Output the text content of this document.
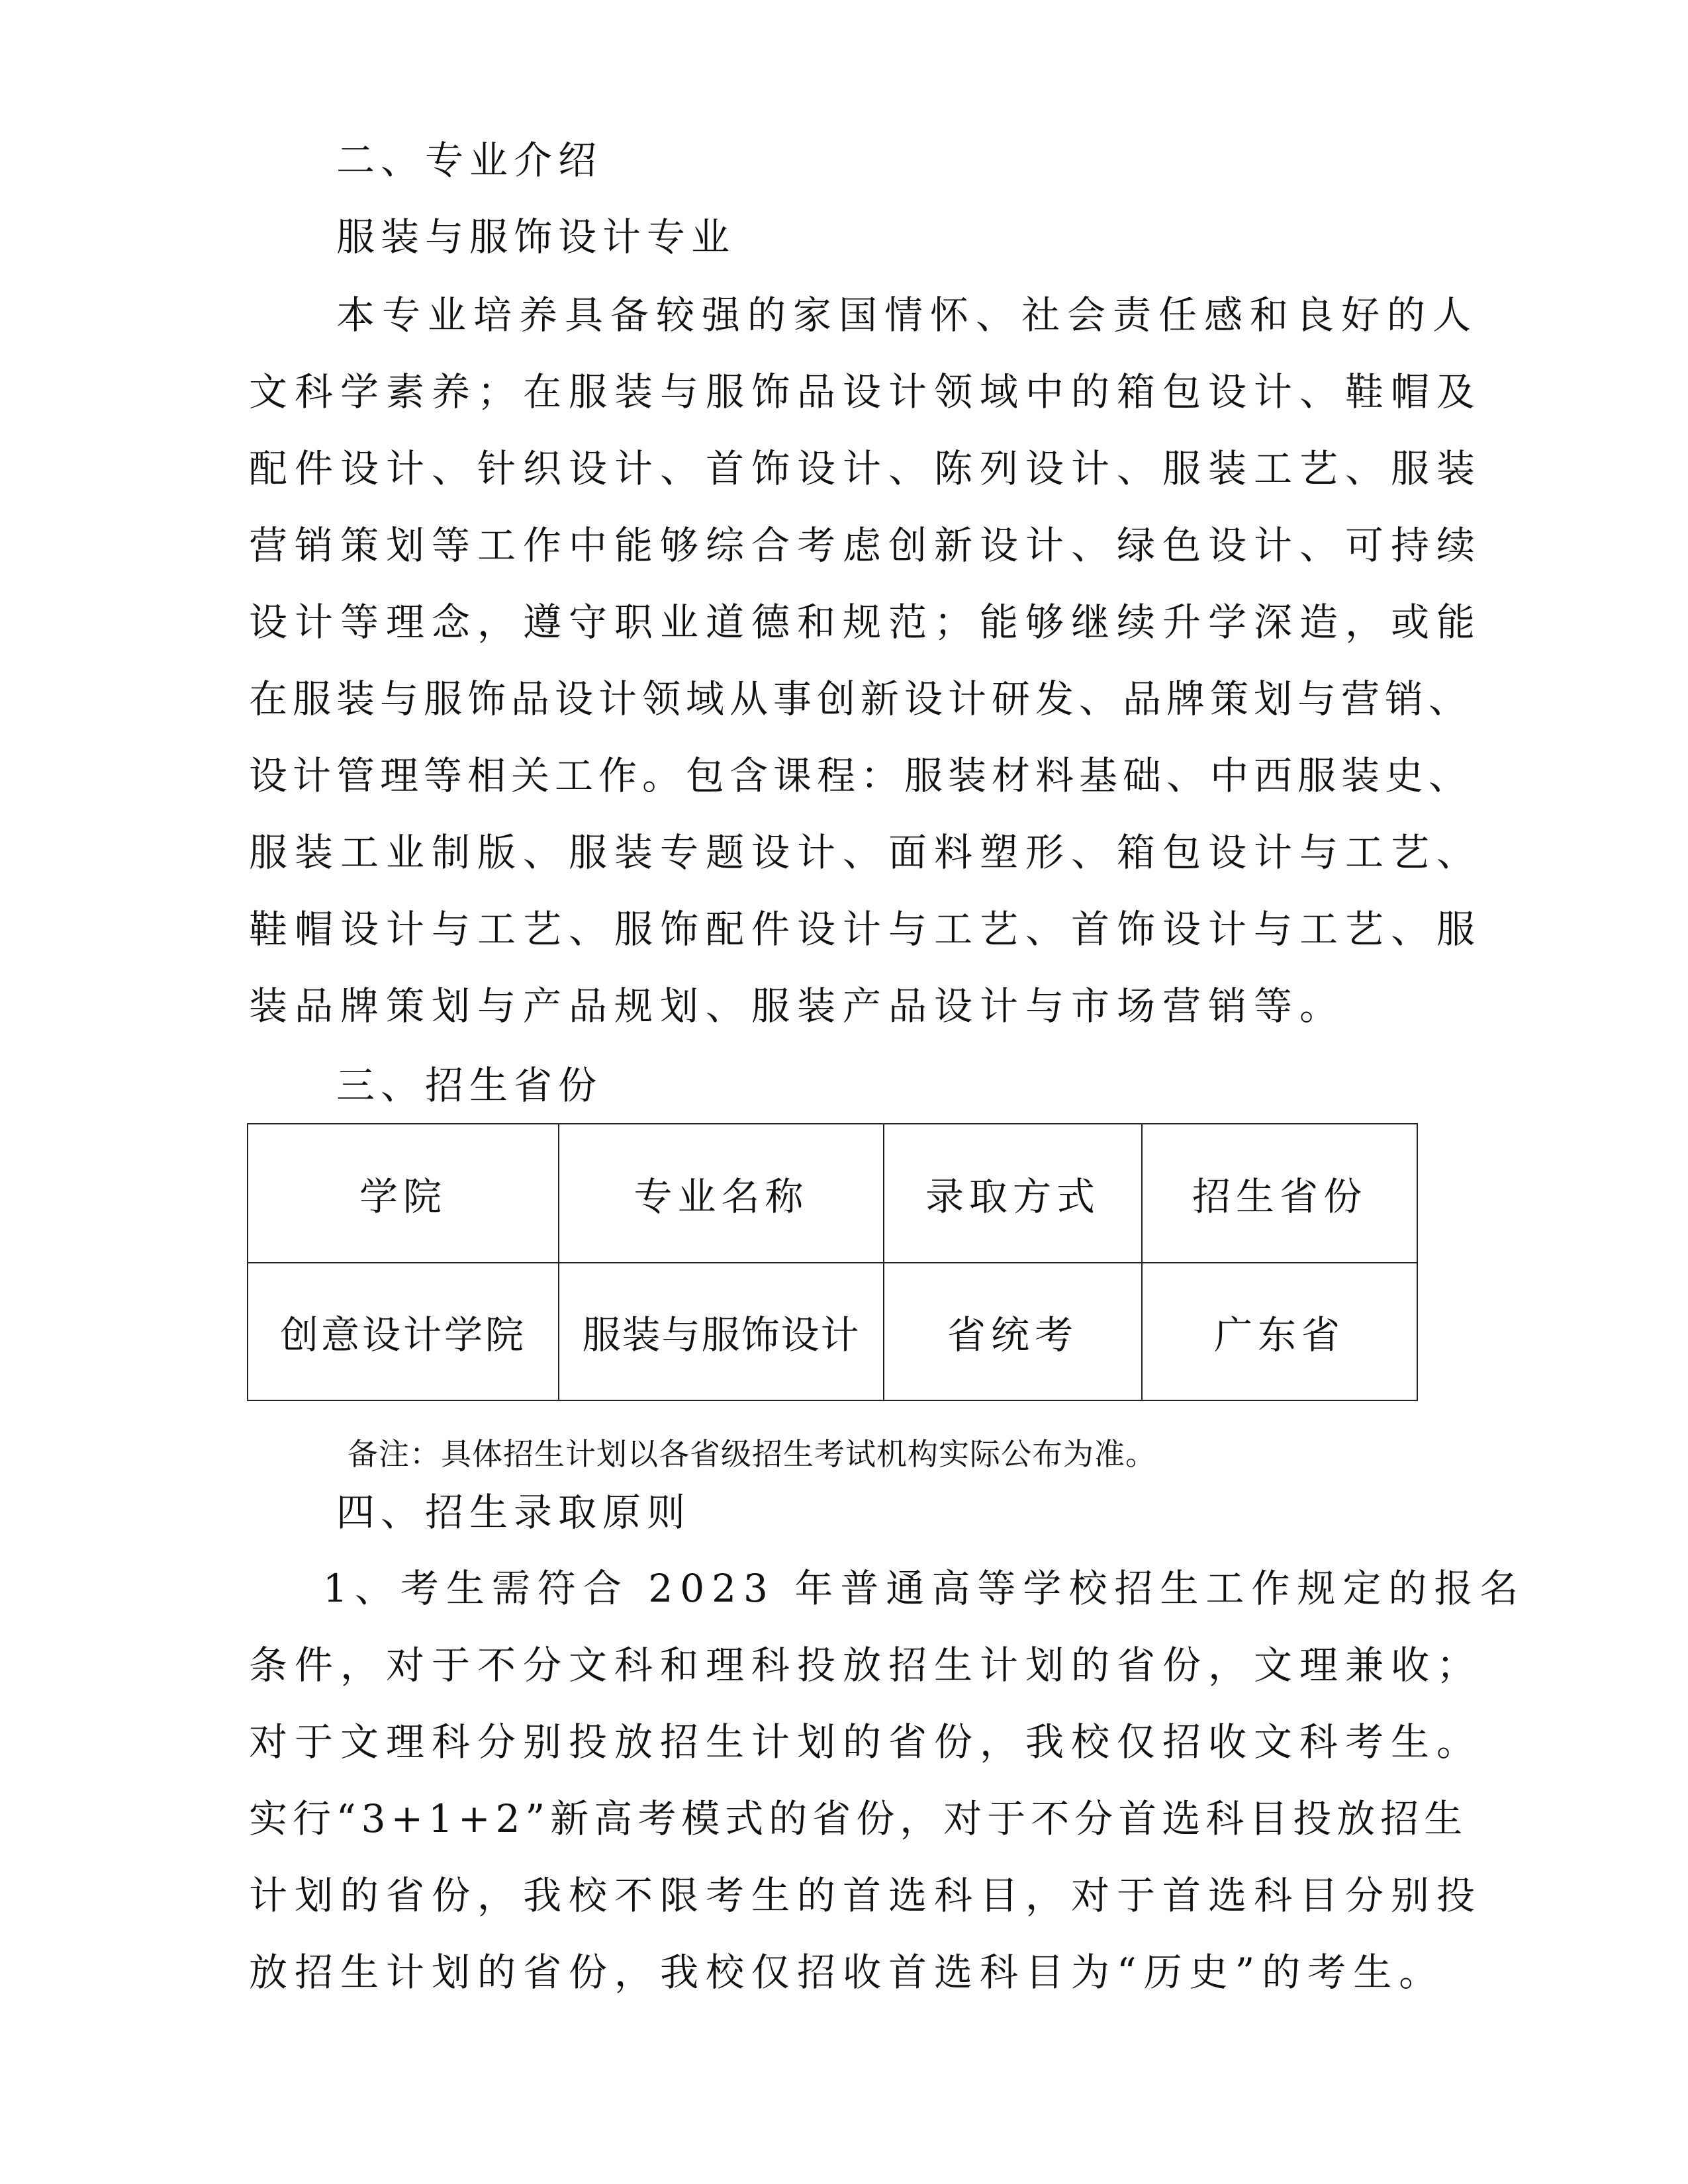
二、专业介绍
服装与服饰设计专业

本专业培养具备较强的家国情怀、社会责任感和良好的人

文科学素养；在服装与服饰品设计领域中的箱包设计、鞋帽及

配件设计、针织设计、首饰设计、陈列设计、服装工艺、服装

营销策划等工作中能够综合考虑创新设计、绿色设计、可持续

设计等理念，遵守职业道德和规范；能够继续升学深造，或能

在服装与服饰品设计领域从事创新设计研发、品牌策划与营销、

设计管理等相关工作。包含课程：服装材料基础、中西服装史、

服装工业制版、服装专题设计、面料塑形、箱包设计与工艺、

鞋帽设计与工艺、服饰配件设计与工艺、首饰设计与工艺、服

装品牌策划与产品规划、服装产品设计与市场营销等。

三、招生省份
学院	专业名称	录取方式	招生省份
创意设计学院	服装与服饰设计	省统考	广东省

备注：具体招生计划以各省级招生考试机构实际公布为准。

四、招生录取原则

1、考生需符合 2023 年普通高等学校招生工作规定的报名

条件，对于不分文科和理科投放招生计划的省份，文理兼收；

对于文理科分别投放招生计划的省份，我校仅招收文科考生。

实行“3+1+2”新高考模式的省份，对于不分首选科目投放招生

计划的省份，我校不限考生的首选科目，对于首选科目分别投

放招生计划的省份，我校仅招收首选科目为“历史”的考生。
